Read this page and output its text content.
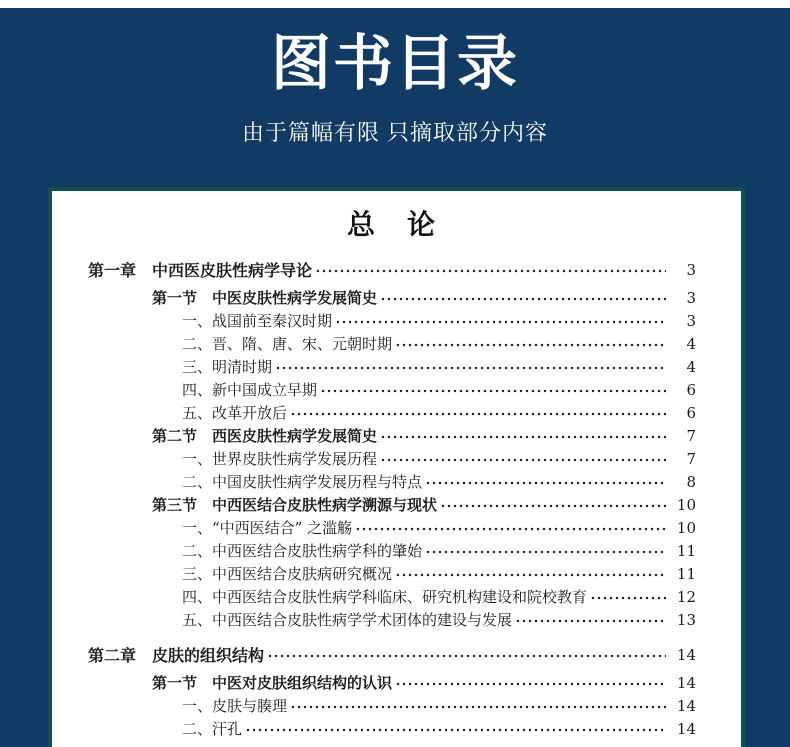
图书目录

由于篇幅有限 只摘取部分内容

总　论
第一章　中西医皮肤性病学导论	3
第一节　中医皮肤性病学发展简史	3
一、战国前至秦汉时期	3
二、晋、隋、唐、宋、元朝时期	4
三、明清时期	4
四、新中国成立早期	6
五、改革开放后	6
第二节　西医皮肤性病学发展简史	7
一、世界皮肤性病学发展历程	7
二、中国皮肤性病学发展历程与特点	8
第三节　中西医结合皮肤性病学溯源与现状	10
一、“中西医结合” 之滥觞	10
二、中西医结合皮肤性病学科的肇始	11
三、中西医结合皮肤病研究概况	11
四、中西医结合皮肤性病学科临床、研究机构建设和院校教育	12
五、中西医结合皮肤性病学学术团体的建设与发展	13
第二章　皮肤的组织结构	14
第一节　中医对皮肤组织结构的认识	14
一、皮肤与腠理	14
二、汗孔	14
